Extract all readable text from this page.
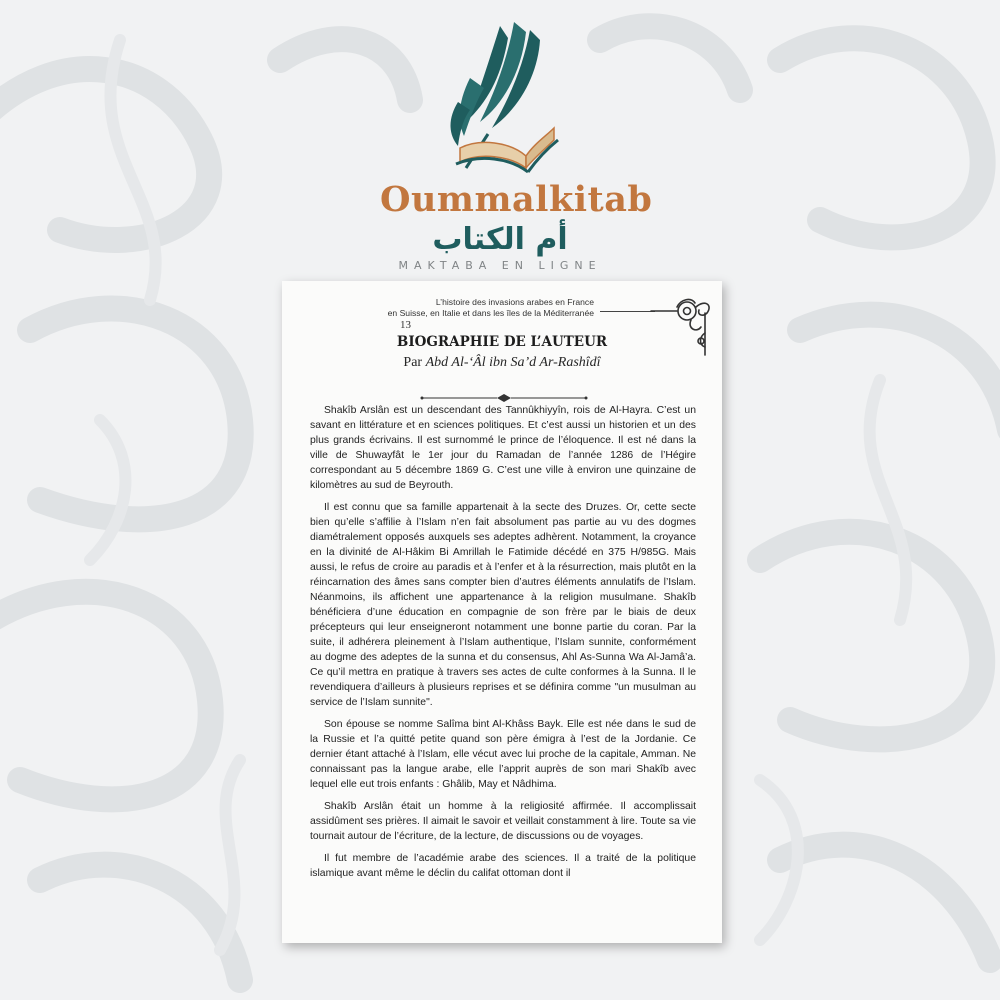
Oummalkitab
أم الكتاب
MAKTABA EN LIGNE
L’histoire des invasions arabes en France
en Suisse, en Italie et dans les îles de la Méditerranée
BIOGRAPHIE DE L’AUTEUR
Par Abd Al-‘Âl ibn Sa’d Ar-Rashîdî

Shakîb Arslân est un descendant des Tannûkhiyyîn, rois de Al-Hayra. C’est un savant en littérature et en sciences politiques. Et c’est aussi un historien et un des plus grands écrivains. Il est surnommé le prince de l’éloquence. Il est né dans la ville de Shuwayfât le 1er jour du Ramadan de l’année 1286 de l’Hégire correspondant au 5 décembre 1869 G. C’est une ville à environ une quinzaine de kilomètres au sud de Beyrouth.

Il est connu que sa famille appartenait à la secte des Druzes. Or, cette secte bien qu’elle s’affilie à l’Islam n’en fait absolument pas partie au vu des dogmes diamétralement opposés auxquels ses adeptes adhèrent. Notamment, la croyance en la divinité de Al-Hâkim Bi Amrillah le Fatimide décédé en 375 H/985G. Mais aussi, le refus de croire au paradis et à l’enfer et à la résurrection, mais plutôt en la réincarnation des âmes sans compter bien d’autres éléments annulatifs de l’Islam. Néanmoins, ils affichent une appartenance à la religion musulmane. Shakîb bénéficiera d’une éducation en compagnie de son frère par le biais de deux précepteurs qui leur enseigneront notamment une bonne partie du coran. Par la suite, il adhérera pleinement à l’Islam authentique, l’Islam sunnite, conformément au dogme des adeptes de la sunna et du consensus, Ahl As-Sunna Wa Al-Jamâ’a. Ce qu’il mettra en pratique à travers ses actes de culte conformes à la Sunna. Il le revendiquera d’ailleurs à plusieurs reprises et se définira comme "un musulman au service de l’Islam sunnite".

Son épouse se nomme Salîma bint Al-Khâss Bayk. Elle est née dans le sud de la Russie et l’a quitté petite quand son père émigra à l’est de la Jordanie. Ce dernier étant attaché à l’Islam, elle vécut avec lui proche de la capitale, Amman. Ne connaissant pas la langue arabe, elle l’apprit auprès de son mari Shakîb avec lequel elle eut trois enfants : Ghâlib, May et Nâdhima.

Shakîb Arslân était un homme à la religiosité affirmée. Il accomplissait assidûment ses prières. Il aimait le savoir et veillait constamment à lire. Toute sa vie tournait autour de l’écriture, de la lecture, de discussions ou de voyages.

Il fut membre de l’académie arabe des sciences. Il a traité de la politique islamique avant même le déclin du califat ottoman dont il

13
